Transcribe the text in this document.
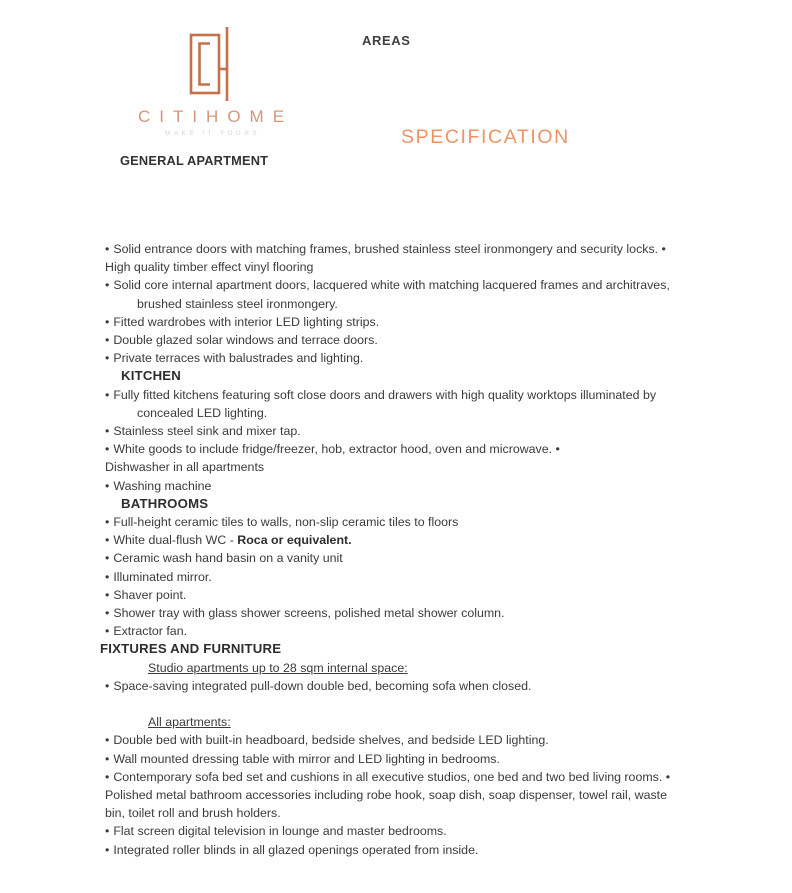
CITIHOME
MAKE IT YOURS
AREAS
SPECIFICATION
GENERAL APARTMENT
• Solid entrance doors with matching frames, brushed stainless steel ironmongery and security locks. •
High quality timber effect vinyl flooring
• Solid core internal apartment doors, lacquered white with matching lacquered frames and architraves,
brushed stainless steel ironmongery.
• Fitted wardrobes with interior LED lighting strips.
• Double glazed solar windows and terrace doors.
• Private terraces with balustrades and lighting.
KITCHEN
• Fully fitted kitchens featuring soft close doors and drawers with high quality worktops illuminated by
concealed LED lighting.
• Stainless steel sink and mixer tap.
• White goods to include fridge/freezer, hob, extractor hood, oven and microwave. •
Dishwasher in all apartments
• Washing machine
BATHROOMS
• Full-height ceramic tiles to walls, non-slip ceramic tiles to floors
• White dual-flush WC - Roca or equivalent.
• Ceramic wash hand basin on a vanity unit
• Illuminated mirror.
• Shaver point.
• Shower tray with glass shower screens, polished metal shower column.
• Extractor fan.
FIXTURES AND FURNITURE
Studio apartments up to 28 sqm internal space:
• Space-saving integrated pull-down double bed, becoming sofa when closed.
All apartments:
• Double bed with built-in headboard, bedside shelves, and bedside LED lighting.
• Wall mounted dressing table with mirror and LED lighting in bedrooms.
• Contemporary sofa bed set and cushions in all executive studios, one bed and two bed living rooms. •
Polished metal bathroom accessories including robe hook, soap dish, soap dispenser, towel rail, waste
bin, toilet roll and brush holders.
• Flat screen digital television in lounge and master bedrooms.
• Integrated roller blinds in all glazed openings operated from inside.
